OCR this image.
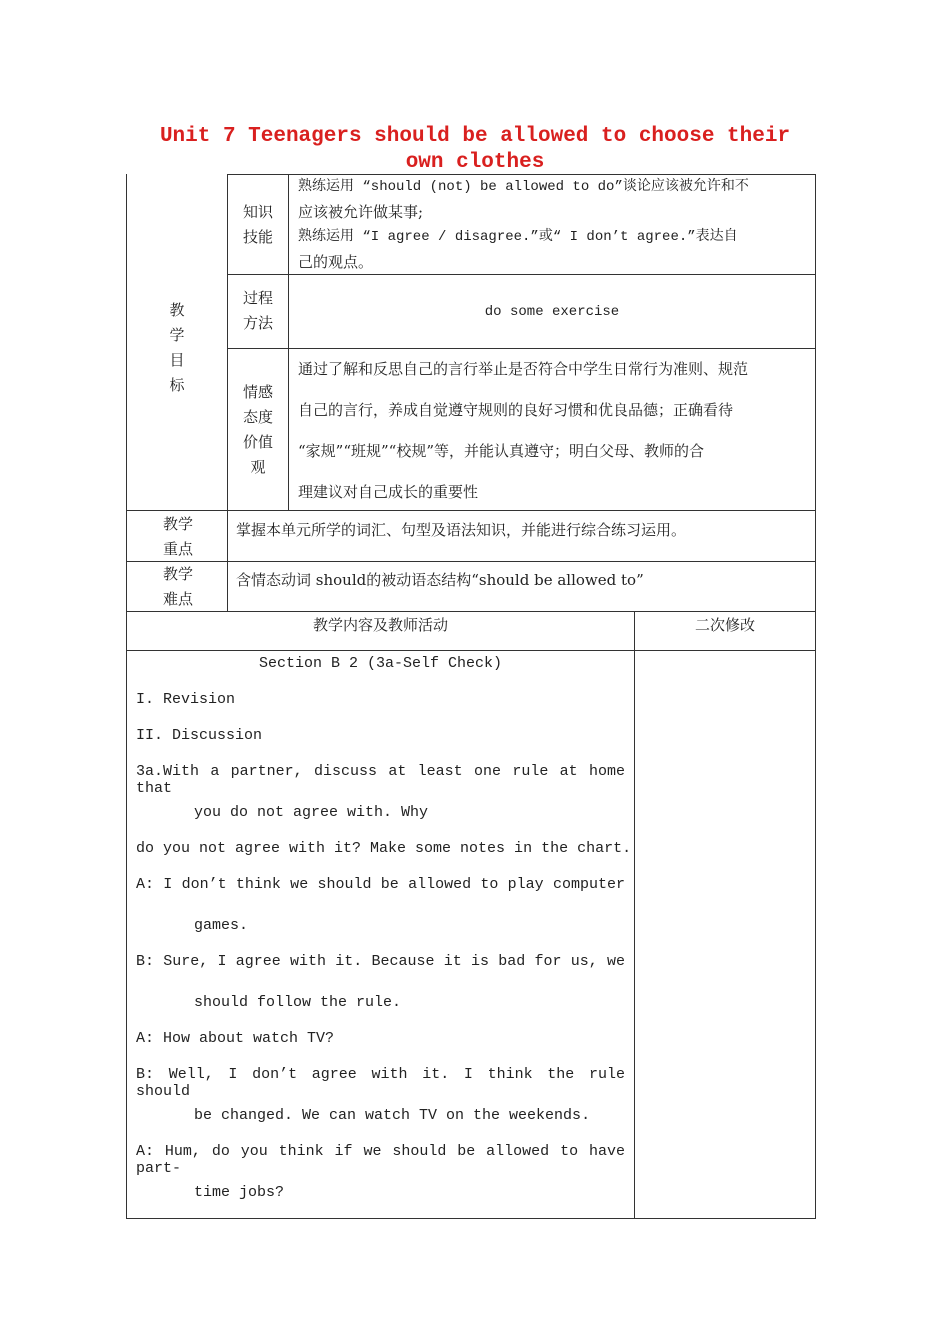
Unit 7 Teenagers should be allowed to choose their own clothes
教学目标
知识技能
熟练运用 “should (not) be allowed to do”谈论应该被允许和不
应该被允许做某事;
熟练运用 “I agree / disagree.”或“ I don’t agree.”表达自
己的观点。
过程方法
do some exercise
情感态度价值观
通过了解和反思自己的言行举止是否符合中学生日常行为准则、规范
自己的言行，养成自觉遵守规则的良好习惯和优良品德；正确看待
“家规”“班规”“校规”等，并能认真遵守；明白父母、教师的合
理建议对自己成长的重要性
教学重点
掌握本单元所学的词汇、句型及语法知识，并能进行综合练习运用。
教学难点
含情态动词 should的被动语态结构“should be allowed to”
教学内容及教师活动	二次修改
Section B 2 (3a-Self Check)
I. Revision
II. Discussion
3a.With a partner, discuss at least one rule at home that
you do not agree with. Why
do you not agree with it? Make some notes in the chart.
A: I don’t think we should be allowed to play computer
games.
B: Sure, I agree with it. Because it is bad for us, we
should follow the rule.
A: How about watch TV?
B: Well, I don’t agree with it. I think the rule should
be changed. We can watch TV on the weekends.
A: Hum, do you think if we should be allowed to have part-
time jobs?
